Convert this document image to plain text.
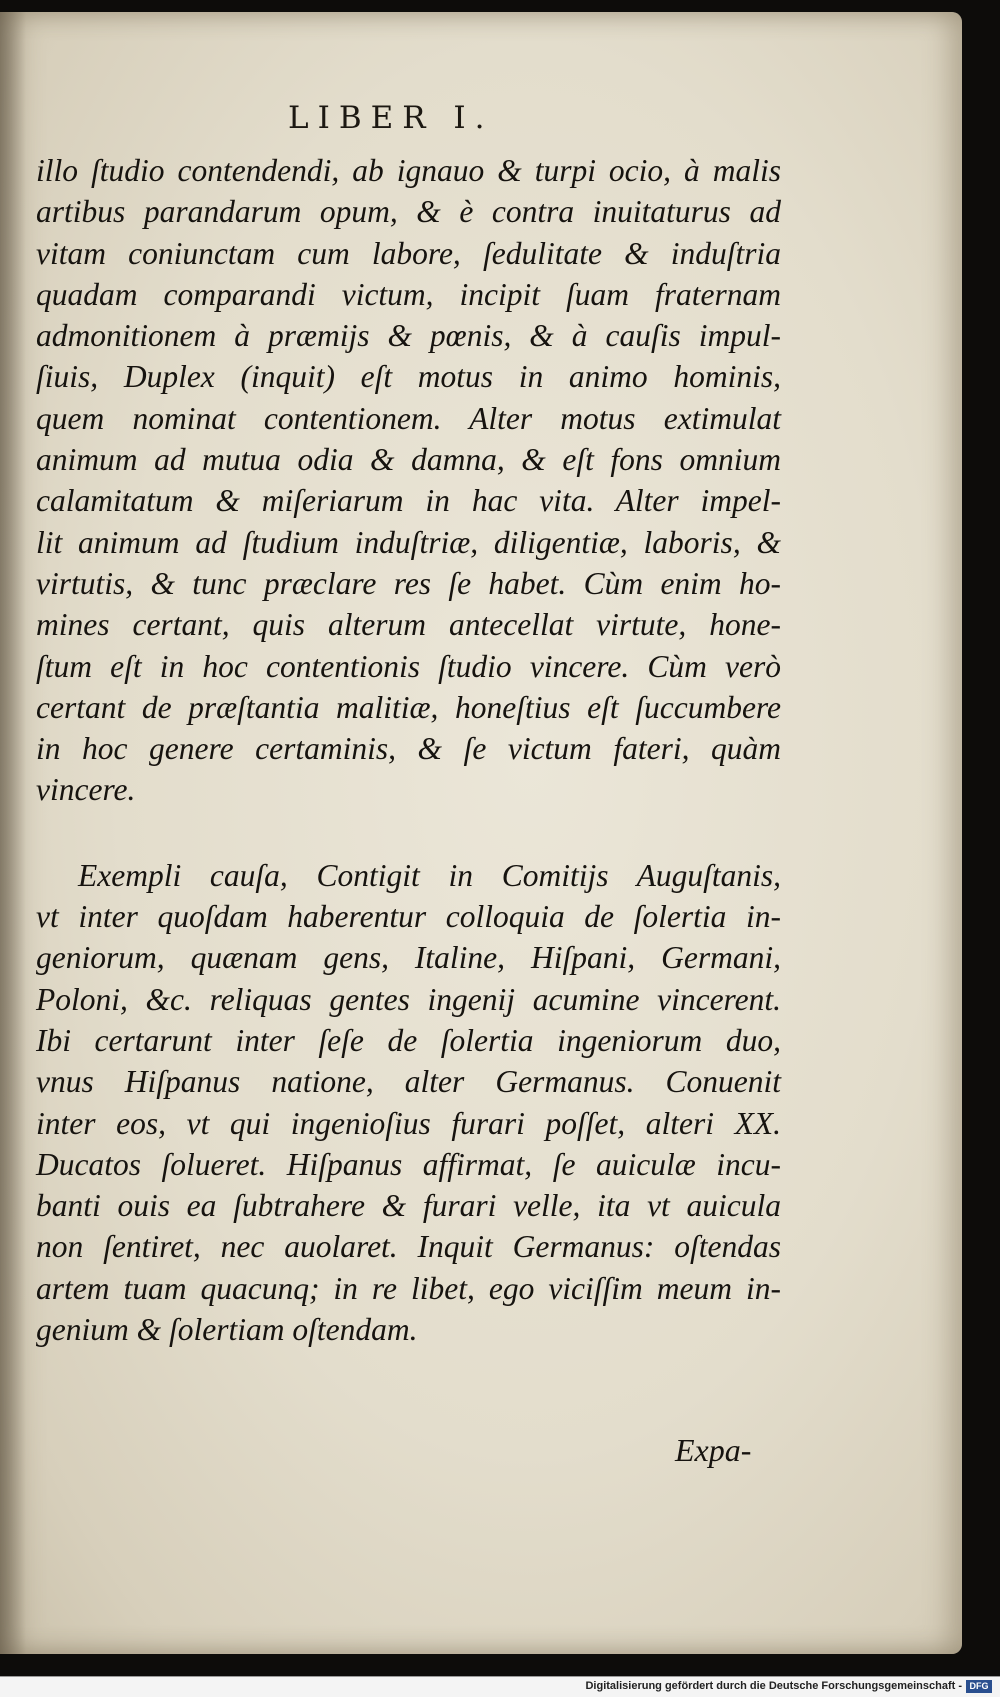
LIBER I.
illo ſtudio contendendi, ab ignauo & turpi ocio, à malis
artibus parandarum opum, & è contra inuitaturus ad
vitam coniunctam cum labore, ſedulitate & induſtria
quadam comparandi victum, incipit ſuam fraternam
admonitionem à præmijs & pœnis, & à cauſis impul-
ſiuis, Duplex (inquit) eſt motus in animo hominis,
quem nominat contentionem. Alter motus extimulat
animum ad mutua odia & damna, & eſt fons omnium
calamitatum & miſeriarum in hac vita. Alter impel-
lit animum ad ſtudium induſtriæ, diligentiæ, laboris, &
virtutis, & tunc præclare res ſe habet. Cùm enim ho-
mines certant, quis alterum antecellat virtute, hone-
ſtum eſt in hoc contentionis ſtudio vincere. Cùm verò
certant de præſtantia malitiæ, honeſtius eſt ſuccumbere
in hoc genere certaminis, & ſe victum fateri, quàm
vincere.
Exempli cauſa, Contigit in Comitijs Auguſtanis,
vt inter quoſdam haberentur colloquia de ſolertia in-
geniorum, quænam gens, Italine, Hiſpani, Germani,
Poloni, &c. reliquas gentes ingenij acumine vincerent.
Ibi certarunt inter ſeſe de ſolertia ingeniorum duo,
vnus Hiſpanus natione, alter Germanus. Conuenit
inter eos, vt qui ingenioſius furari poſſet, alteri XX.
Ducatos ſolueret. Hiſpanus affirmat, ſe auiculæ incu-
banti ouis ea ſubtrahere & furari velle, ita vt auicula
non ſentiret, nec auolaret. Inquit Germanus: oſtendas
artem tuam quacunq; in re libet, ego viciſſim meum in-
genium & ſolertiam oſtendam.
Expa-
Digitalisierung gefördert durch die Deutsche Forschungsgemeinschaft - DFG
